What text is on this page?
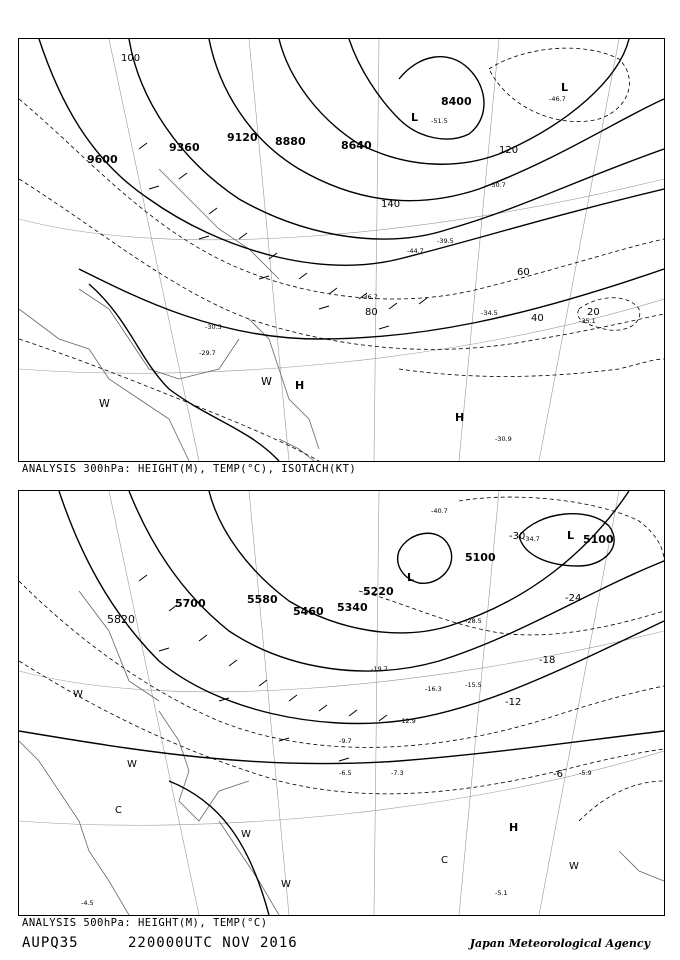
9600
9360
9120 8880	8640
8400
100
120
140
60
40
20
80
L
L
H
H
W
W
-29.7
-30.3
-34.5
-35.1
-36.7
-39.5
-44.7
-46.7
-50.7
-51.5
-30.9
ANALYSIS 300hPa: HEIGHT(M), TEMP(°C), ISOTACH(KT)
5820
5700	5580
5460 5340
5220
5100
5100
-30
-24
-18
-12
-6
L
L
H
W
W
W
C
C
W
W
-4.5
-5.1
-5.9
-6.5	-7.3
-9.7
-12.9
-15.5
-16.3
-19.7
-28.5
-34.7
-40.7
ANALYSIS 500hPa: HEIGHT(M), TEMP(°C)
AUPQ35	220000UTC NOV 2016	Japan Meteorological Agency
